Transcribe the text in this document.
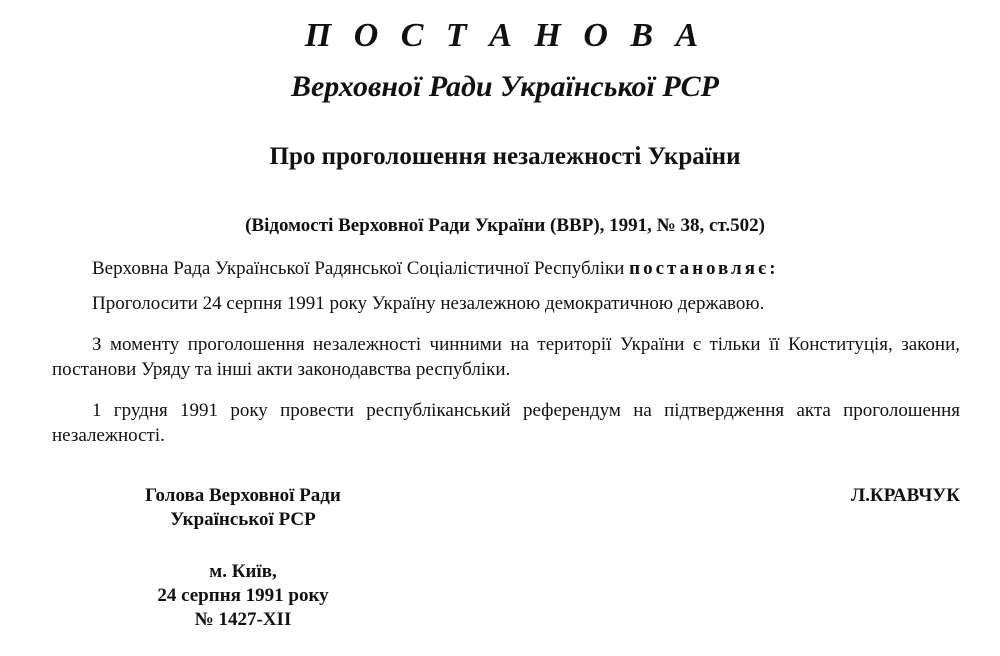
П О С Т А Н О В А
Верховної Ради Української РСР
Про проголошення незалежності України
(Відомості Верховної Ради України (ВВР), 1991, № 38, ст.502)

Верховна Рада Української Радянської Соціалістичної Республіки постановляє:

Проголосити 24 серпня 1991 року Україну незалежною демократичною державою.

З моменту проголошення незалежності чинними на території України є тільки її Конституція, закони, постанови Уряду та інші акти законодавства республіки.

1 грудня 1991 року провести республіканський референдум на підтвердження акта проголошення незалежності.

Голова Верховної Ради
Української РСР
Л.КРАВЧУК
м. Київ,
24 серпня 1991 року
№ 1427-XII
